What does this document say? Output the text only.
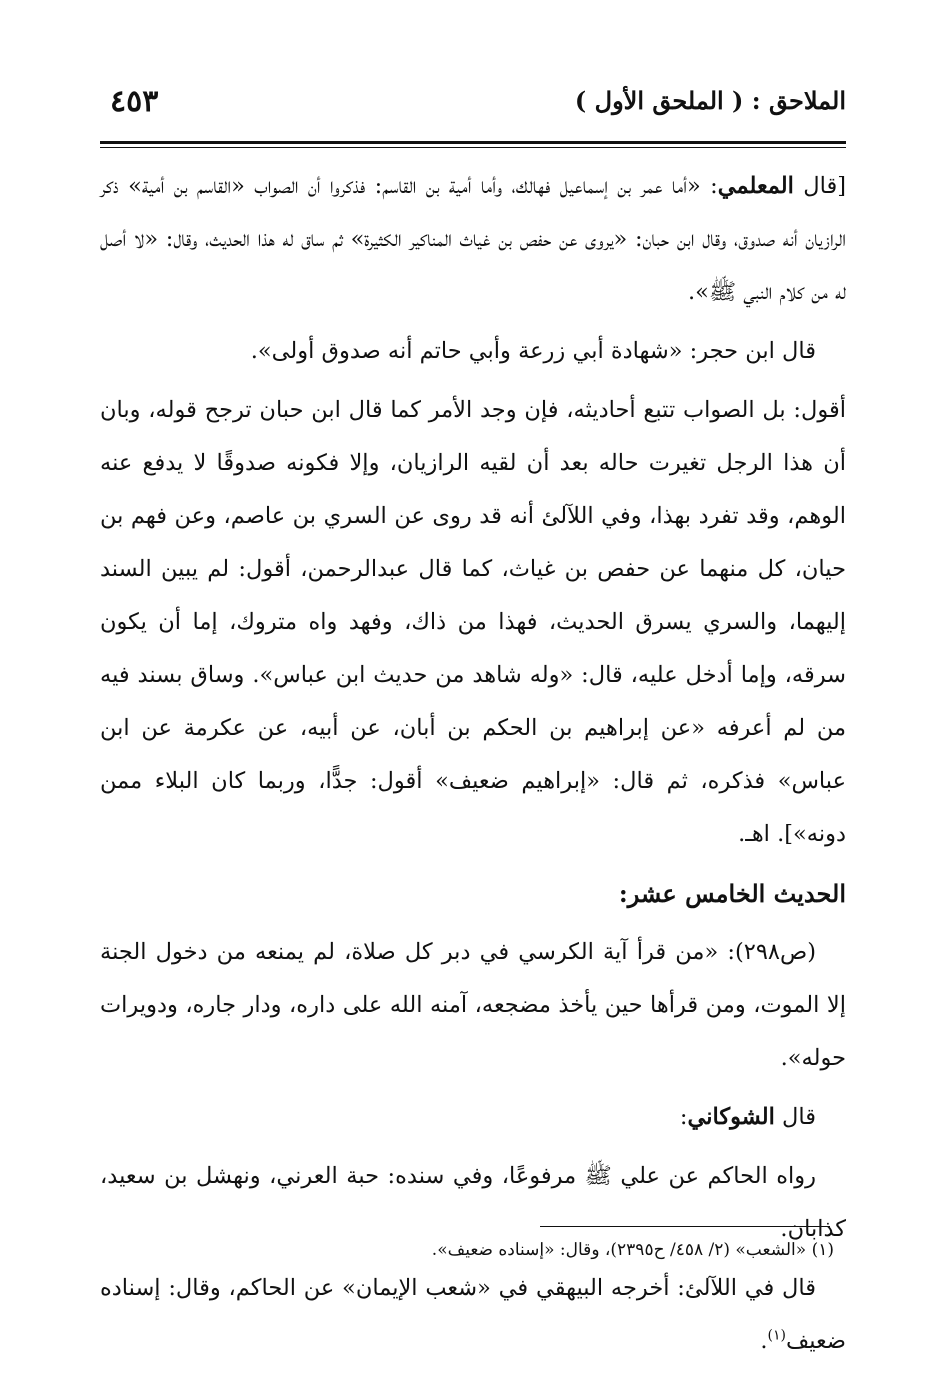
٤٥٣	الملاحق : ( الملحق الأول )

[قال المعلمي: «أما عمر بن إسماعيل فهالك، وأما أمية بن القاسم: فذكروا أن الصواب «القاسم بن أمية» ذكر الرازيان أنه صدوق، وقال ابن حبان: «يروى عن حفص بن غياث المناكير الكثيرة» ثم ساق له هذا الحديث، وقال: «لا أصل له من كلام النبي ﷺ».

قال ابن حجر: «شهادة أبي زرعة وأبي حاتم أنه صدوق أولى».

أقول: بل الصواب تتبع أحاديثه، فإن وجد الأمر كما قال ابن حبان ترجح قوله، وبان أن هذا الرجل تغيرت حاله بعد أن لقيه الرازيان، وإلا فكونه صدوقًا لا يدفع عنه الوهم، وقد تفرد بهذا، وفي اللآلئ أنه قد روى عن السري بن عاصم، وعن فهم بن حيان، كل منهما عن حفص بن غياث، كما قال عبدالرحمن، أقول: لم يبين السند إليهما، والسري يسرق الحديث، فهذا من ذاك، وفهد واه متروك، إما أن يكون سرقه، وإما أدخل عليه، قال: «وله شاهد من حديث ابن عباس». وساق بسند فيه من لم أعرفه «عن إبراهيم بن الحكم بن أبان، عن أبيه، عن عكرمة عن ابن عباس» فذكره، ثم قال: «إبراهيم ضعيف» أقول: جدًّا، وربما كان البلاء ممن دونه»]. اهـ.

الحديث الخامس عشر:

(ص٢٩٨): «من قرأ آية الكرسي في دبر كل صلاة، لم يمنعه من دخول الجنة إلا الموت، ومن قرأها حين يأخذ مضجعه، آمنه الله على داره، ودار جاره، ودويرات حوله».

قال الشوكاني:

رواه الحاكم عن علي ﷺ مرفوعًا، وفي سنده: حبة العرني، ونهشل بن سعيد، كذابان.

قال في اللآلئ: أخرجه البيهقي في «شعب الإيمان» عن الحاكم، وقال: إسناده ضعيف$^{(١)}$.

(١) «الشعب» (٢/ ٤٥٨/ ح٢٣٩٥)، وقال: «إسناده ضعيف».
